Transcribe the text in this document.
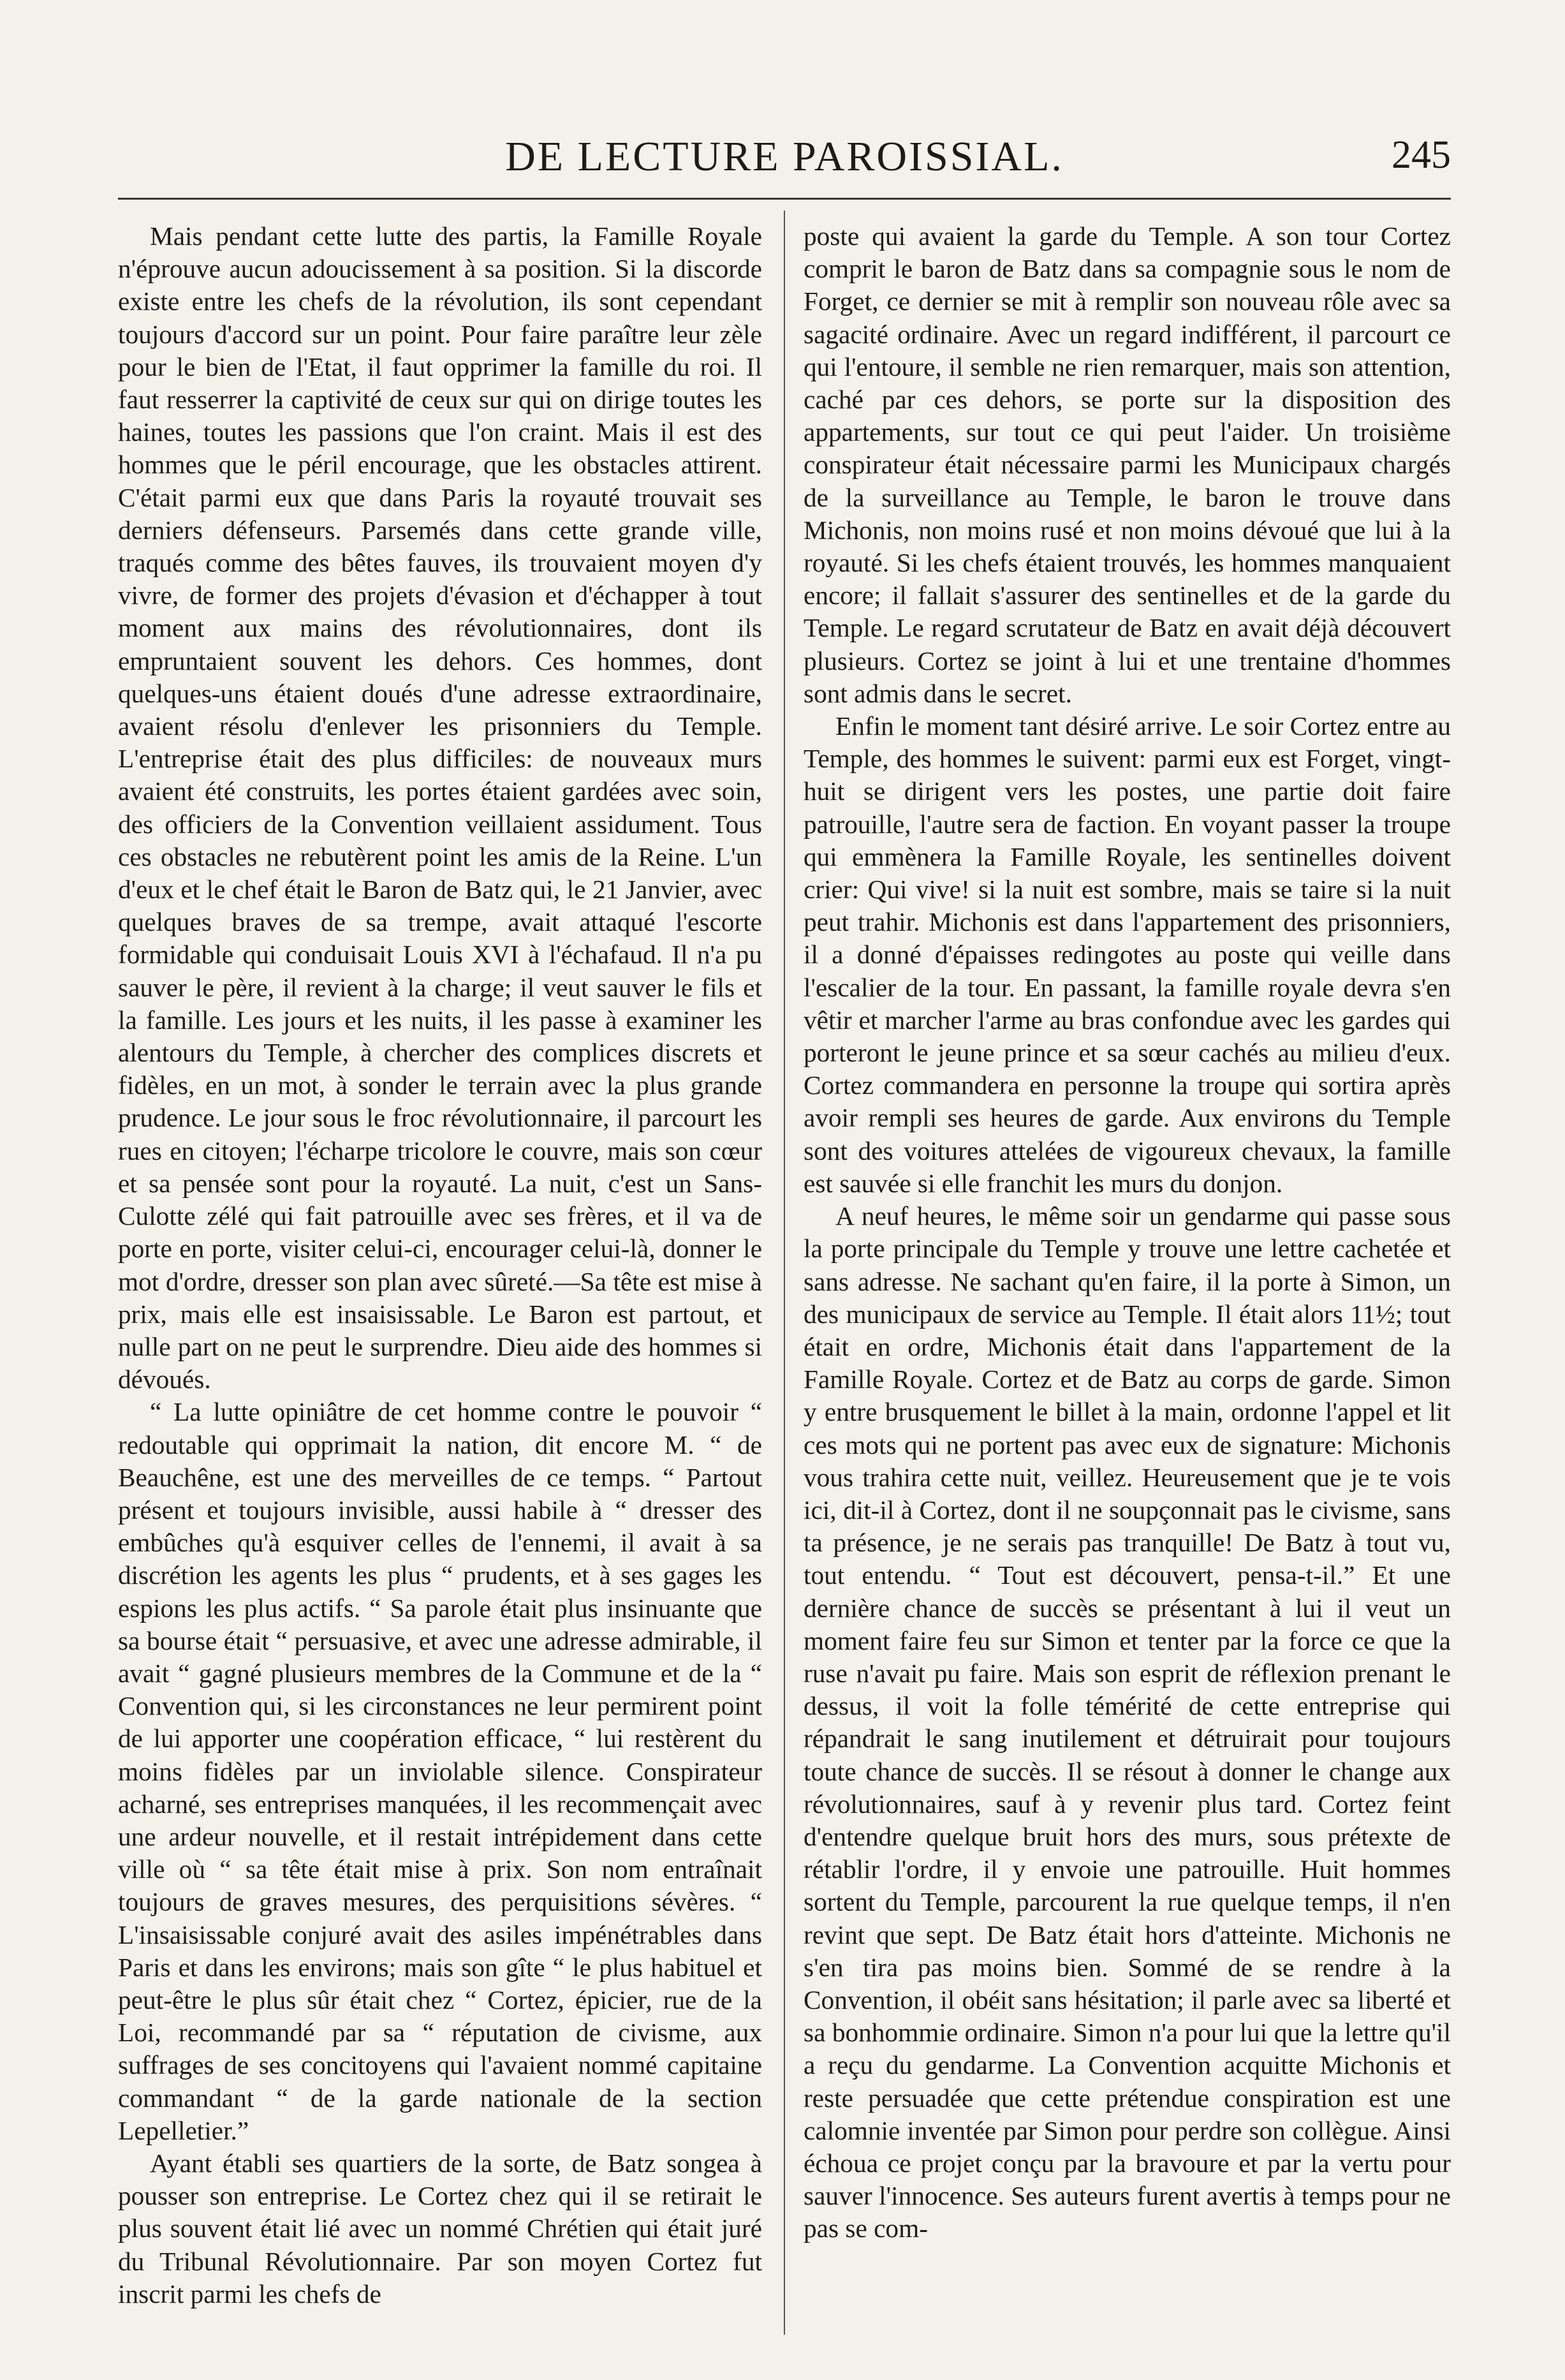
DE LECTURE PAROISSIAL.	245

Mais pendant cette lutte des partis, la Famille Royale n'éprouve aucun adoucissement à sa position. Si la discorde existe entre les chefs de la révolution, ils sont cependant toujours d'accord sur un point. Pour faire paraître leur zèle pour le bien de l'Etat, il faut opprimer la famille du roi. Il faut resserrer la captivité de ceux sur qui on dirige toutes les haines, toutes les passions que l'on craint. Mais il est des hommes que le péril encourage, que les obstacles attirent. C'était parmi eux que dans Paris la royauté trouvait ses derniers défenseurs. Parsemés dans cette grande ville, traqués comme des bêtes fauves, ils trouvaient moyen d'y vivre, de former des projets d'évasion et d'échapper à tout moment aux mains des révolutionnaires, dont ils empruntaient souvent les dehors. Ces hommes, dont quelques-uns étaient doués d'une adresse extraordinaire, avaient résolu d'enlever les prisonniers du Temple. L'entreprise était des plus difficiles: de nouveaux murs avaient été construits, les portes étaient gardées avec soin, des officiers de la Convention veillaient assidument. Tous ces obstacles ne rebutèrent point les amis de la Reine. L'un d'eux et le chef était le Baron de Batz qui, le 21 Janvier, avec quelques braves de sa trempe, avait attaqué l'escorte formidable qui conduisait Louis XVI à l'échafaud. Il n'a pu sauver le père, il revient à la charge; il veut sauver le fils et la famille. Les jours et les nuits, il les passe à examiner les alentours du Temple, à chercher des complices discrets et fidèles, en un mot, à sonder le terrain avec la plus grande prudence. Le jour sous le froc révolutionnaire, il parcourt les rues en citoyen; l'écharpe tricolore le couvre, mais son cœur et sa pensée sont pour la royauté. La nuit, c'est un Sans-Culotte zélé qui fait patrouille avec ses frères, et il va de porte en porte, visiter celui-ci, encourager celui-là, donner le mot d'ordre, dresser son plan avec sûreté.—Sa tête est mise à prix, mais elle est insaisissable. Le Baron est partout, et nulle part on ne peut le surprendre. Dieu aide des hommes si dévoués.

“ La lutte opiniâtre de cet homme contre le pouvoir “ redoutable qui opprimait la nation, dit encore M. “ de Beauchêne, est une des merveilles de ce temps. “ Partout présent et toujours invisible, aussi habile à “ dresser des embûches qu'à esquiver celles de l'ennemi, il avait à sa discrétion les agents les plus “ prudents, et à ses gages les espions les plus actifs. “ Sa parole était plus insinuante que sa bourse était “ persuasive, et avec une adresse admirable, il avait “ gagné plusieurs membres de la Commune et de la “ Convention qui, si les circonstances ne leur permirent point de lui apporter une coopération efficace, “ lui restèrent du moins fidèles par un inviolable silence. Conspirateur acharné, ses entreprises manquées, il les recommençait avec une ardeur nouvelle, et il restait intrépidement dans cette ville où “ sa tête était mise à prix. Son nom entraînait toujours de graves mesures, des perquisitions sévères. “ L'insaisissable conjuré avait des asiles impénétrables dans Paris et dans les environs; mais son gîte “ le plus habituel et peut-être le plus sûr était chez “ Cortez, épicier, rue de la Loi, recommandé par sa “ réputation de civisme, aux suffrages de ses concitoyens qui l'avaient nommé capitaine commandant “ de la garde nationale de la section Lepelletier.”

Ayant établi ses quartiers de la sorte, de Batz songea à pousser son entreprise. Le Cortez chez qui il se retirait le plus souvent était lié avec un nommé Chrétien qui était juré du Tribunal Révolutionnaire. Par son moyen Cortez fut inscrit parmi les chefs de

poste qui avaient la garde du Temple. A son tour Cortez comprit le baron de Batz dans sa compagnie sous le nom de Forget, ce dernier se mit à remplir son nouveau rôle avec sa sagacité ordinaire. Avec un regard indifférent, il parcourt ce qui l'entoure, il semble ne rien remarquer, mais son attention, caché par ces dehors, se porte sur la disposition des appartements, sur tout ce qui peut l'aider. Un troisième conspirateur était nécessaire parmi les Municipaux chargés de la surveillance au Temple, le baron le trouve dans Michonis, non moins rusé et non moins dévoué que lui à la royauté. Si les chefs étaient trouvés, les hommes manquaient encore; il fallait s'assurer des sentinelles et de la garde du Temple. Le regard scrutateur de Batz en avait déjà découvert plusieurs. Cortez se joint à lui et une trentaine d'hommes sont admis dans le secret.

Enfin le moment tant désiré arrive. Le soir Cortez entre au Temple, des hommes le suivent: parmi eux est Forget, vingt-huit se dirigent vers les postes, une partie doit faire patrouille, l'autre sera de faction. En voyant passer la troupe qui emmènera la Famille Royale, les sentinelles doivent crier: Qui vive! si la nuit est sombre, mais se taire si la nuit peut trahir. Michonis est dans l'appartement des prisonniers, il a donné d'épaisses redingotes au poste qui veille dans l'escalier de la tour. En passant, la famille royale devra s'en vêtir et marcher l'arme au bras confondue avec les gardes qui porteront le jeune prince et sa sœur cachés au milieu d'eux. Cortez commandera en personne la troupe qui sortira après avoir rempli ses heures de garde. Aux environs du Temple sont des voitures attelées de vigoureux chevaux, la famille est sauvée si elle franchit les murs du donjon.

A neuf heures, le même soir un gendarme qui passe sous la porte principale du Temple y trouve une lettre cachetée et sans adresse. Ne sachant qu'en faire, il la porte à Simon, un des municipaux de service au Temple. Il était alors 11½; tout était en ordre, Michonis était dans l'appartement de la Famille Royale. Cortez et de Batz au corps de garde. Simon y entre brusquement le billet à la main, ordonne l'appel et lit ces mots qui ne portent pas avec eux de signature: Michonis vous trahira cette nuit, veillez. Heureusement que je te vois ici, dit-il à Cortez, dont il ne soupçonnait pas le civisme, sans ta présence, je ne serais pas tranquille! De Batz à tout vu, tout entendu. “ Tout est découvert, pensa-t-il.” Et une dernière chance de succès se présentant à lui il veut un moment faire feu sur Simon et tenter par la force ce que la ruse n'avait pu faire. Mais son esprit de réflexion prenant le dessus, il voit la folle témérité de cette entreprise qui répandrait le sang inutilement et détruirait pour toujours toute chance de succès. Il se résout à donner le change aux révolutionnaires, sauf à y revenir plus tard. Cortez feint d'entendre quelque bruit hors des murs, sous prétexte de rétablir l'ordre, il y envoie une patrouille. Huit hommes sortent du Temple, parcourent la rue quelque temps, il n'en revint que sept. De Batz était hors d'atteinte. Michonis ne s'en tira pas moins bien. Sommé de se rendre à la Convention, il obéit sans hésitation; il parle avec sa liberté et sa bonhommie ordinaire. Simon n'a pour lui que la lettre qu'il a reçu du gendarme. La Convention acquitte Michonis et reste persuadée que cette prétendue conspiration est une calomnie inventée par Simon pour perdre son collègue. Ainsi échoua ce projet conçu par la bravoure et par la vertu pour sauver l'innocence. Ses auteurs furent avertis à temps pour ne pas se com-
